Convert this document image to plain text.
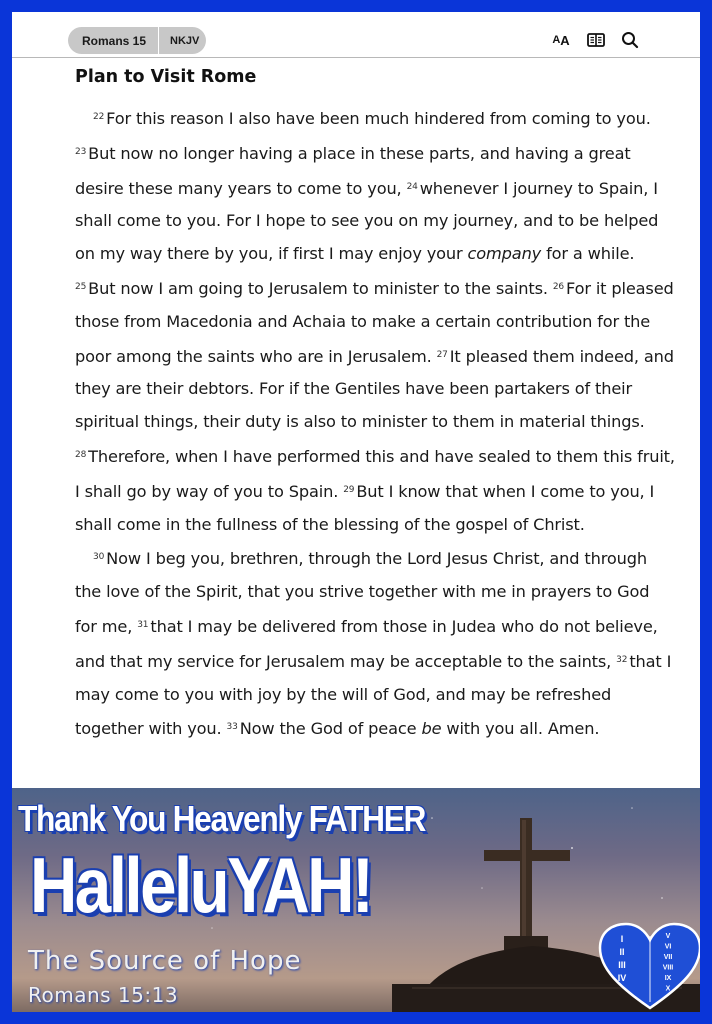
Romans 15	NKJV	A A
Plan to Visit Rome

$^{22}$ For this reason I also have been much hindered from coming to you. $^{23}$ But now no longer having a place in these parts, and having a great desire these many years to come to you, $^{24}$ whenever I journey to Spain, I shall come to you. For I hope to see you on my journey, and to be helped on my way there by you, if first I may enjoy your company for a while. $^{25}$ But now I am going to Jerusalem to minister to the saints. $^{26}$ For it pleased those from Macedonia and Achaia to make a certain contribution for the poor among the saints who are in Jerusalem. $^{27}$ It pleased them indeed, and they are their debtors. For if the Gentiles have been partakers of their spiritual things, their duty is also to minister to them in material things. $^{28}$ Therefore, when I have performed this and have sealed to them this fruit, I shall go by way of you to Spain. $^{29}$ But I know that when I come to you, I shall come in the fullness of the blessing of the gospel of Christ.

$^{30}$ Now I beg you, brethren, through the Lord Jesus Christ, and through the love of the Spirit, that you strive together with me in prayers to God for me, $^{31}$ that I may be delivered from those in Judea who do not believe, and that my service for Jerusalem may be acceptable to the saints, $^{32}$ that I may come to you with joy by the will of God, and may be refreshed together with you. $^{33}$ Now the God of peace be with you all. Amen.

Thank You Heavenly FATHER
HalleluYAH!
The Source of Hope
Romans 15:13
I
II
III
IV
V
VI
VII
VIII
IX
X
